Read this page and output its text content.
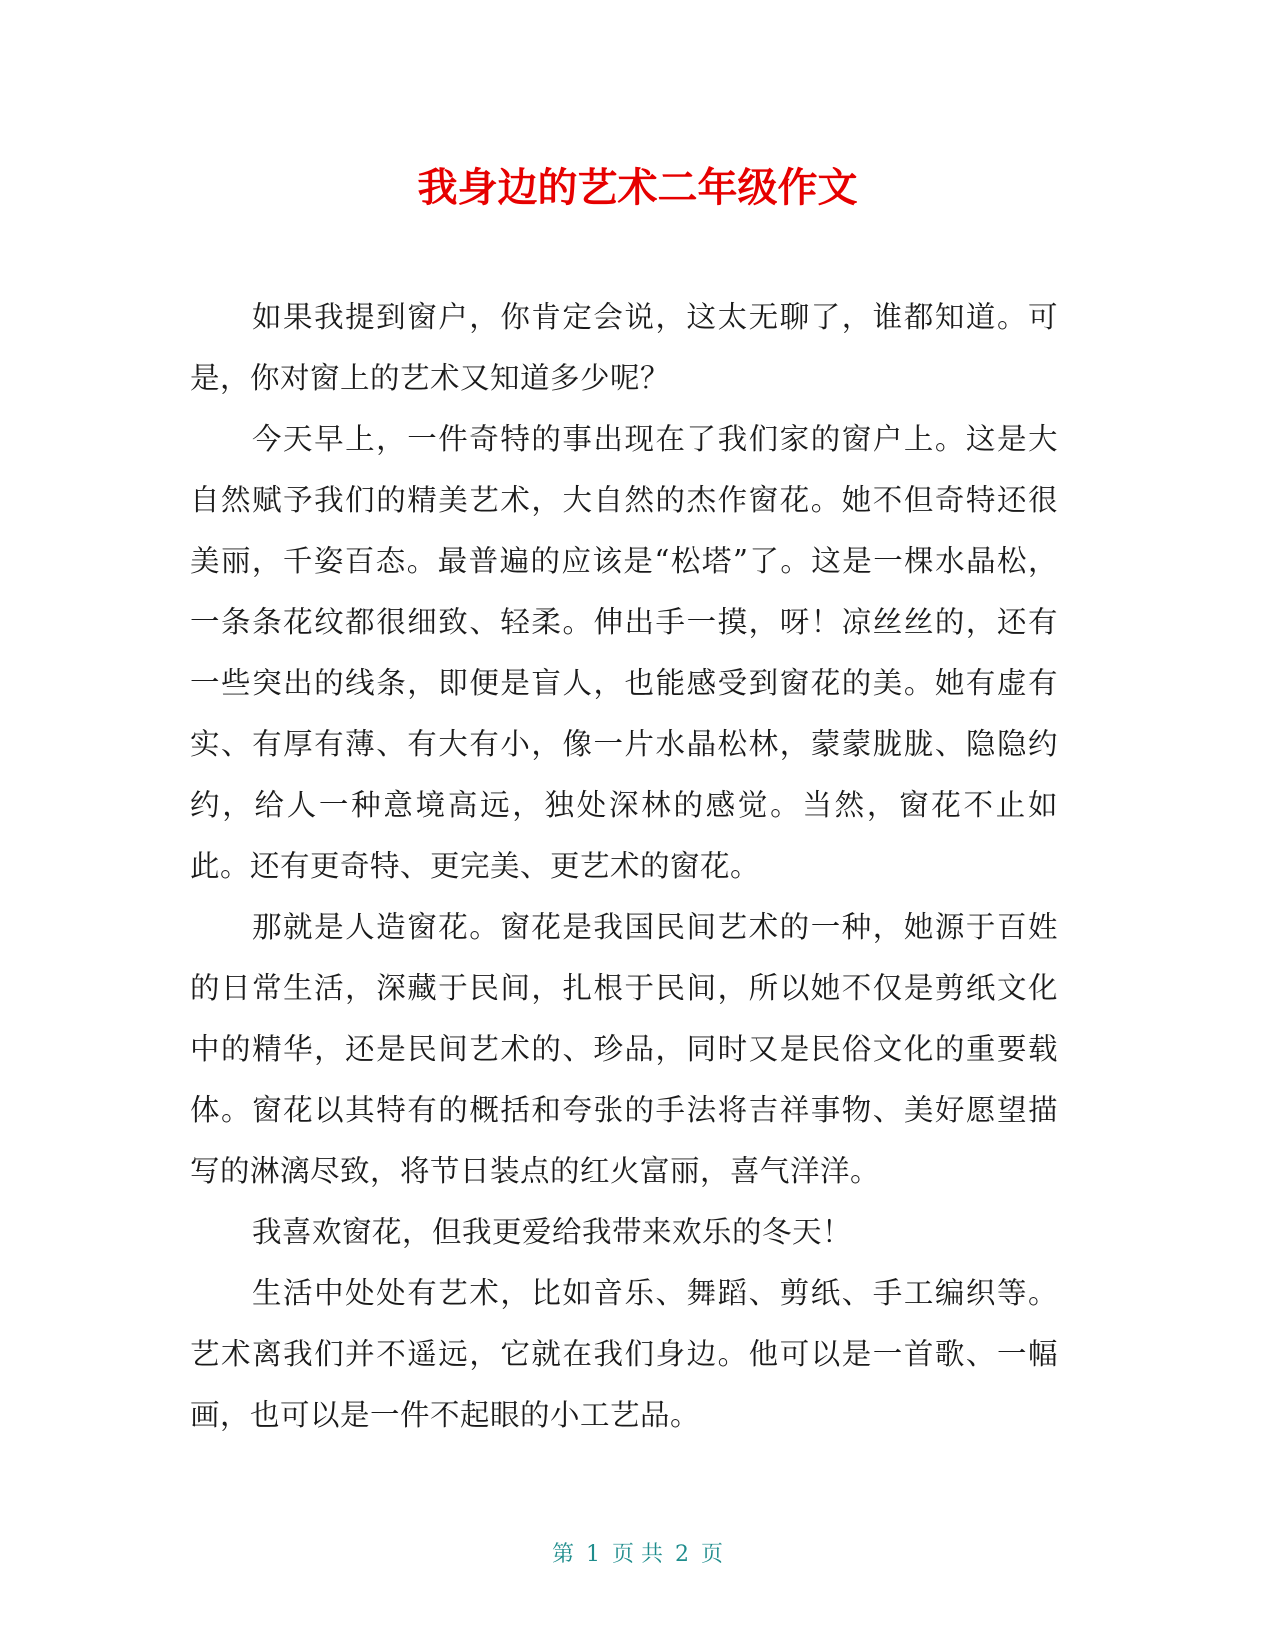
我身边的艺术二年级作文

如果我提到窗户，你肯定会说，这太无聊了，谁都知道。可是，你对窗上的艺术又知道多少呢？

今天早上，一件奇特的事出现在了我们家的窗户上。这是大自然赋予我们的精美艺术，大自然的杰作窗花。她不但奇特还很美丽，千姿百态。最普遍的应该是“松塔”了。这是一棵水晶松，一条条花纹都很细致、轻柔。伸出手一摸，呀！凉丝丝的，还有一些突出的线条，即便是盲人，也能感受到窗花的美。她有虚有实、有厚有薄、有大有小，像一片水晶松林，蒙蒙胧胧、隐隐约约，给人一种意境高远，独处深林的感觉。当然，窗花不止如此。还有更奇特、更完美、更艺术的窗花。

那就是人造窗花。窗花是我国民间艺术的一种，她源于百姓的日常生活，深藏于民间，扎根于民间，所以她不仅是剪纸文化中的精华，还是民间艺术的、珍品，同时又是民俗文化的重要载体。窗花以其特有的概括和夸张的手法将吉祥事物、美好愿望描写的淋漓尽致，将节日装点的红火富丽，喜气洋洋。

我喜欢窗花，但我更爱给我带来欢乐的冬天！

生活中处处有艺术，比如音乐、舞蹈、剪纸、手工编织等。艺术离我们并不遥远，它就在我们身边。他可以是一首歌、一幅画，也可以是一件不起眼的小工艺品。

第 1 页 共 2 页
